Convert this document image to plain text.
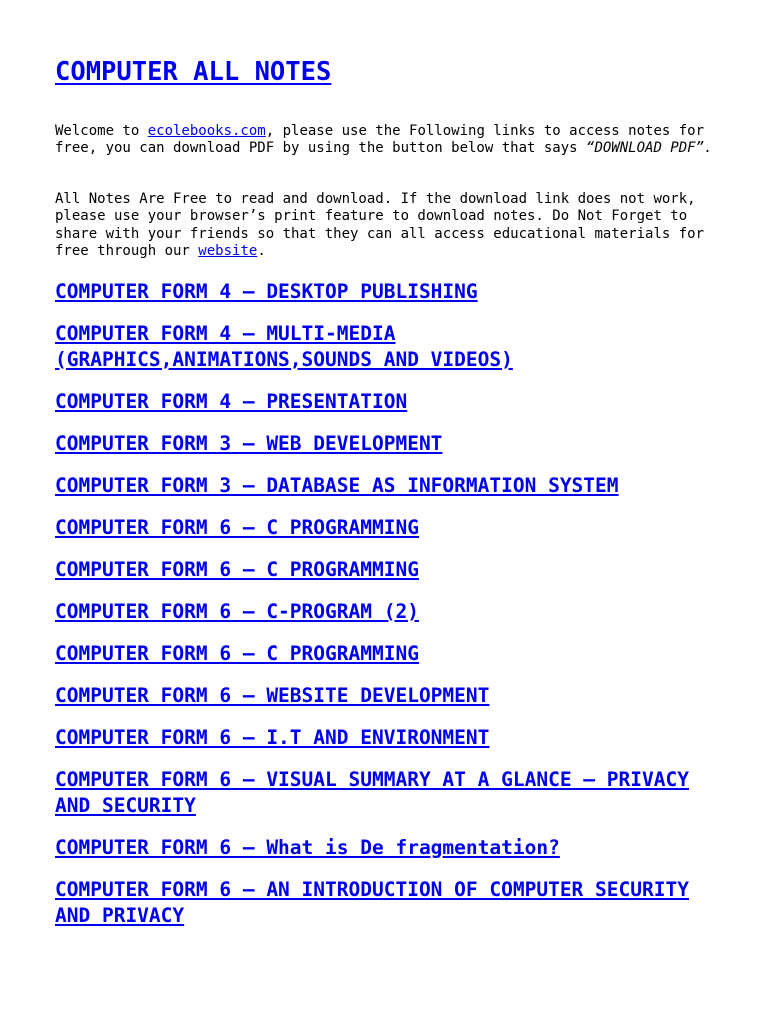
COMPUTER ALL NOTES

Welcome to ecolebooks.com, please use the Following links to access notes for free, you can download PDF by using the button below that says “DOWNLOAD PDF”.

All Notes Are Free to read and download. If the download link does not work, please use your browser’s print feature to download notes. Do Not Forget to share with your friends so that they can all access educational materials for free through our website.

COMPUTER FORM 4 – DESKTOP PUBLISHING
COMPUTER FORM 4 – MULTI-MEDIA (GRAPHICS,ANIMATIONS,SOUNDS AND VIDEOS)
COMPUTER FORM 4 – PRESENTATION
COMPUTER FORM 3 – WEB DEVELOPMENT
COMPUTER FORM 3 – DATABASE AS INFORMATION SYSTEM
COMPUTER FORM 6 – C PROGRAMMING
COMPUTER FORM 6 – C PROGRAMMING
COMPUTER FORM 6 – C-PROGRAM (2)
COMPUTER FORM 6 – C PROGRAMMING
COMPUTER FORM 6 – WEBSITE DEVELOPMENT
COMPUTER FORM 6 – I.T AND ENVIRONMENT
COMPUTER FORM 6 – VISUAL SUMMARY AT A GLANCE – PRIVACY AND SECURITY
COMPUTER FORM 6 – What is De fragmentation?
COMPUTER FORM 6 – AN INTRODUCTION OF COMPUTER SECURITY AND PRIVACY
